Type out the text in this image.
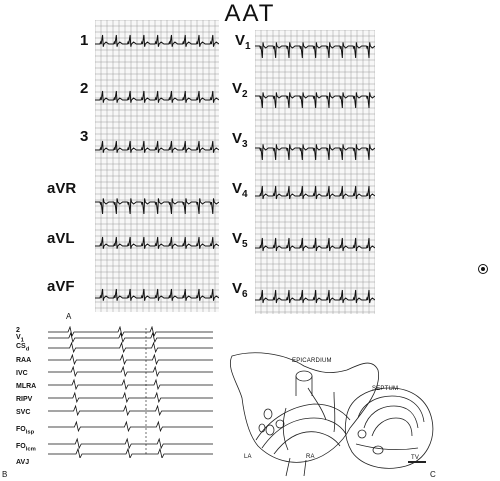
AAT
1
2
3
aVR
aVL
aVF
$V_1$
$V_2$
$V_3$
$V_4$
$V_5$
$V_6$
A
2
$V_1$
$CS_d$
RAA
IVC
MLRA
RIPV
SVC
$FO_{lsp}$
$FO_{lcm}$
AVJ
B
EPICARDIUM
SEPTUM
LA	RA	TV
C
